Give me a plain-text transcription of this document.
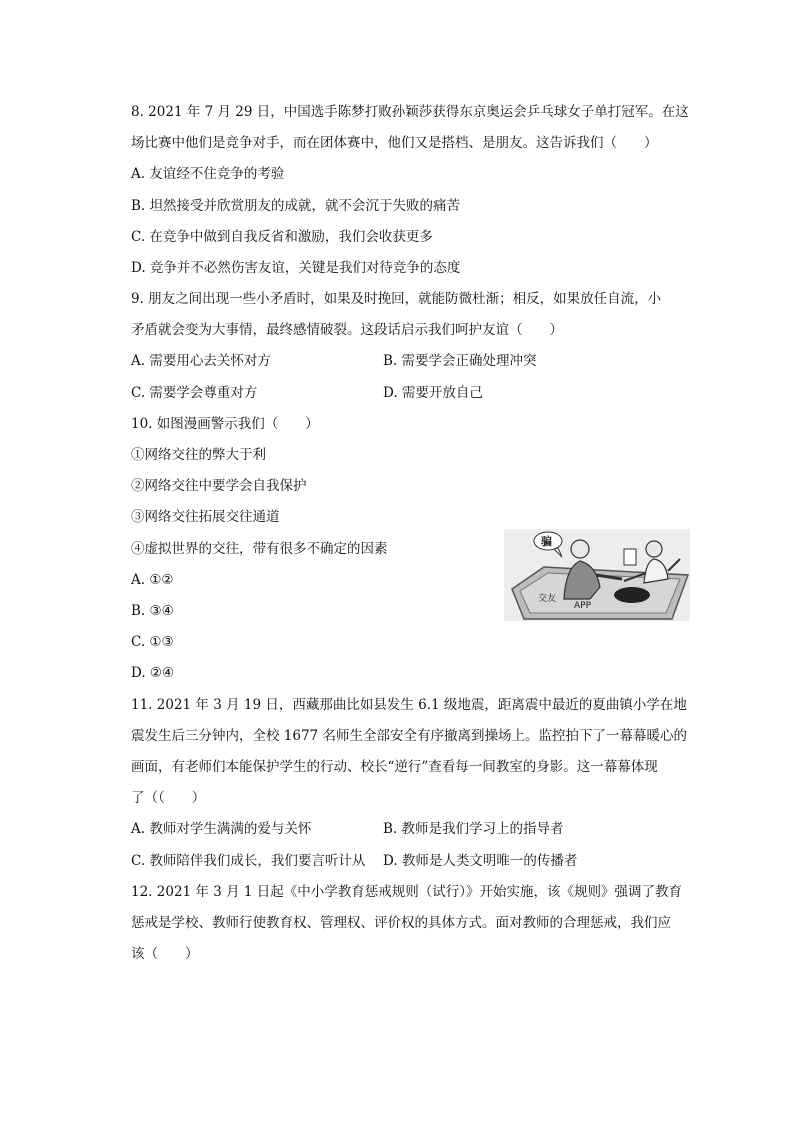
8. 2021 年 7 月 29 日，中国选手陈梦打败孙颖莎获得东京奥运会乒乓球女子单打冠军。在这
场比赛中他们是竞争对手，而在团体赛中，他们又是搭档、是朋友。这告诉我们（　　）
A. 友谊经不住竞争的考验
B. 坦然接受并欣赏朋友的成就，就不会沉于失败的痛苦
C. 在竞争中做到自我反省和激励，我们会收获更多
D. 竞争并不必然伤害友谊，关键是我们对待竞争的态度
9. 朋友之间出现一些小矛盾时，如果及时挽回，就能防微杜渐；相反，如果放任自流，小
矛盾就会变为大事情，最终感情破裂。这段话启示我们呵护友谊（　　）
A. 需要用心去关怀对方	B. 需要学会正确处理冲突
C. 需要学会尊重对方	D. 需要开放自己
10. 如图漫画警示我们（　　）
①网络交往的弊大于利
②网络交往中要学会自我保护
③网络交往拓展交往通道
④虚拟世界的交往，带有很多不确定的因素
A. ①②
B. ③④
C. ①③
D. ②④
骗
交友
APP
11. 2021 年 3 月 19 日，西藏那曲比如县发生 6.1 级地震，距离震中最近的夏曲镇小学在地
震发生后三分钟内，全校 1677 名师生全部安全有序撤离到操场上。监控拍下了一幕幕暖心的
画面，有老师们本能保护学生的行动、校长“逆行”查看每一间教室的身影。这一幕幕体现
了（（　　）
A. 教师对学生满满的爱与关怀	B. 教师是我们学习上的指导者
C. 教师陪伴我们成长，我们要言听计从 D. 教师是人类文明唯一的传播者
12. 2021 年 3 月 1 日起《中小学教育惩戒规则（试行）》开始实施，该《规则》强调了教育
惩戒是学校、教师行使教育权、管理权、评价权的具体方式。面对教师的合理惩戒，我们应
该（　　）
